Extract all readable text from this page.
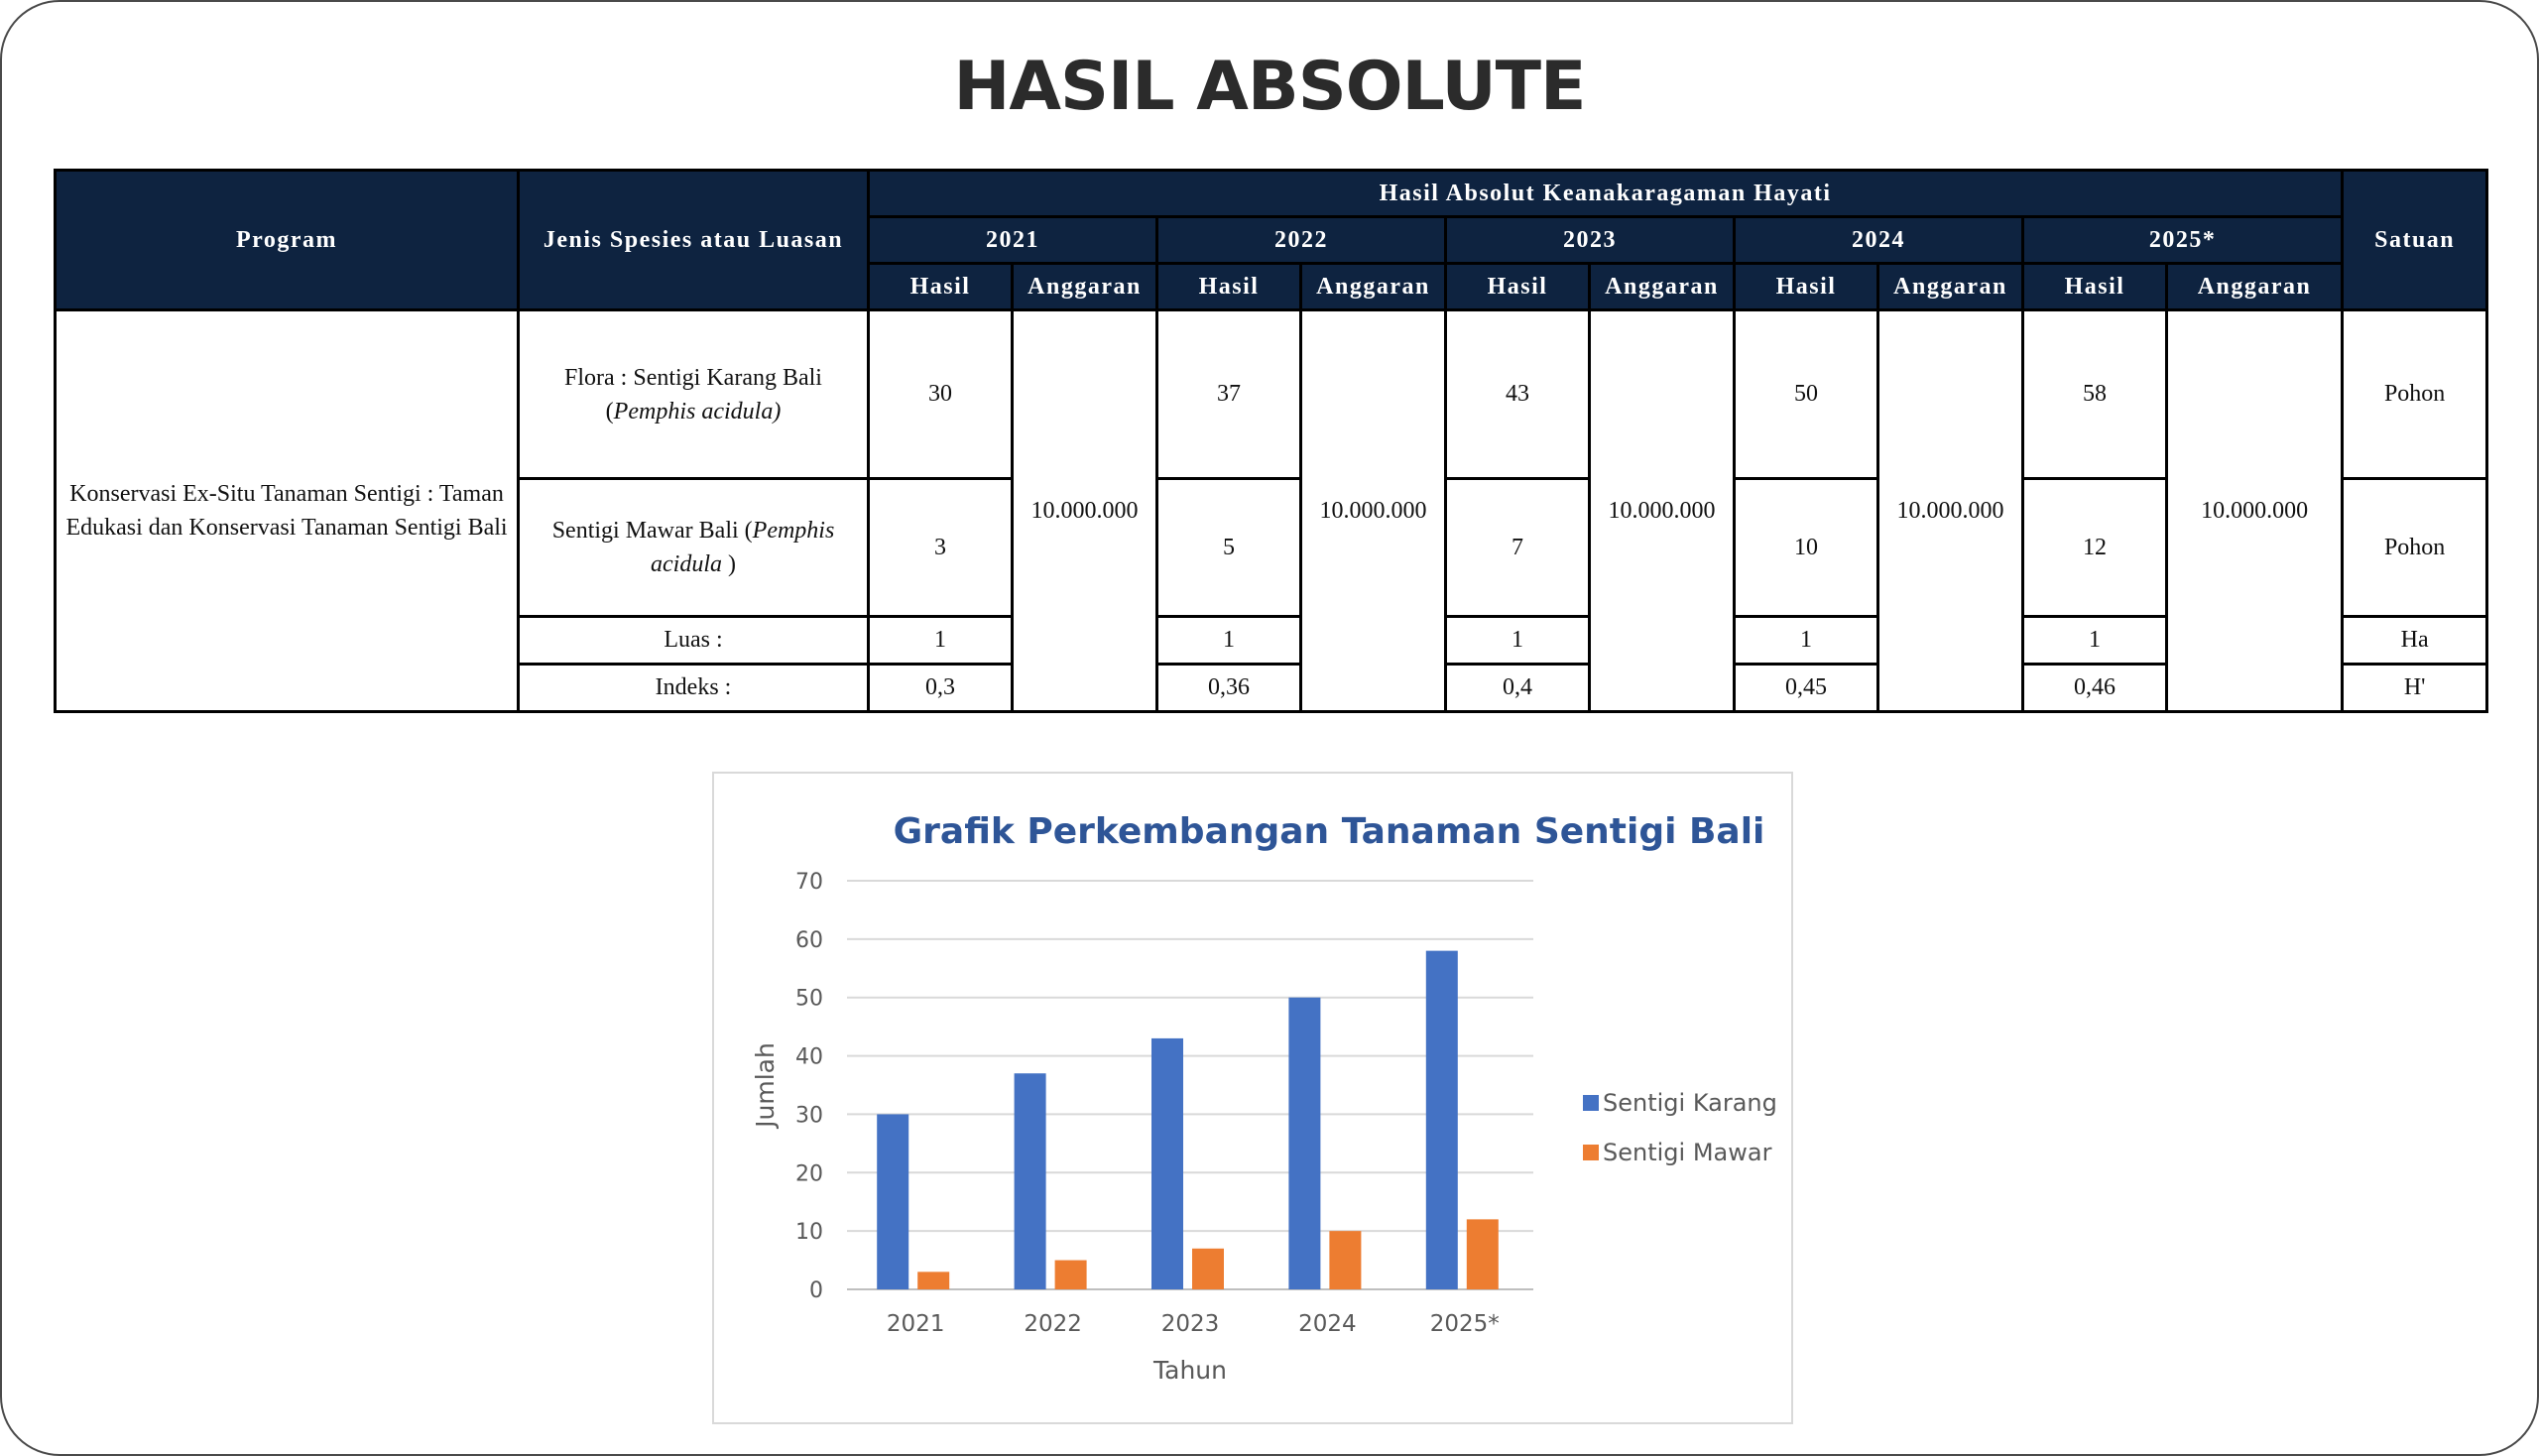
HASIL ABSOLUTE
Program	Jenis Spesies atau Luasan	Hasil Absolut Keanakaragaman Hayati										Satuan
		2021		2022		2023		2024		2025*		
		Hasil	Anggaran	Hasil	Anggaran	Hasil	Anggaran	Hasil	Anggaran	Hasil	Anggaran	
Konservasi Ex-Situ Tanaman Sentigi : Taman Edukasi dan Konservasi Tanaman Sentigi Bali	Flora : Sentigi Karang Bali (Pemphis acidula)	30	10.000.000	37	10.000.000	43	10.000.000	50	10.000.000	58	10.000.000	Pohon
	Sentigi Mawar Bali (Pemphis acidula )	3		5		7		10		12		Pohon
	Luas :	1		1		1		1		1		Ha
	Indeks :	0,3		0,36		0,4		0,45		0,46		H'
Grafik Perkembangan Tanaman Sentigi Bali
0
10
20
30
40
50
60
70
2021	2022	2023	2024	2025*
Tahun
Jumlah	Sentigi Karang
Sentigi Mawar
